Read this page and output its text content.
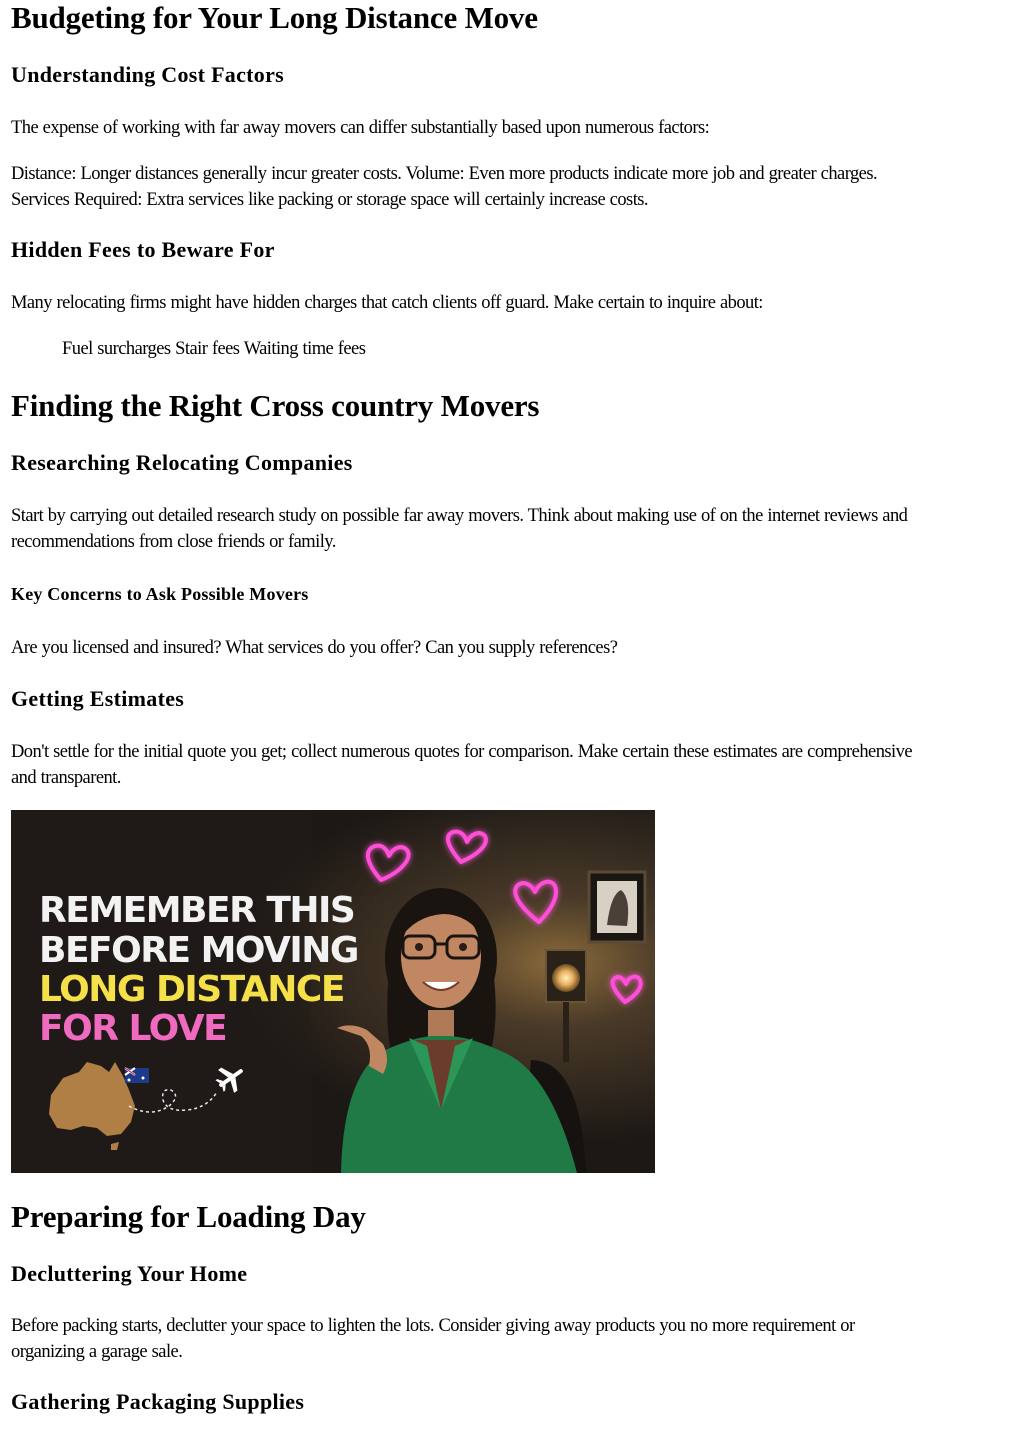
Budgeting for Your Long Distance Move
Understanding Cost Factors

The expense of working with far away movers can differ substantially based upon numerous factors:

Distance: Longer distances generally incur greater costs. Volume: Even more products indicate more job and greater charges.

Services Required: Extra services like packing or storage space will certainly increase costs.

Hidden Fees to Beware For

Many relocating firms might have hidden charges that catch clients off guard. Make certain to inquire about:

Fuel surcharges Stair fees Waiting time fees

Finding the Right Cross country Movers
Researching Relocating Companies

Start by carrying out detailed research study on possible far away movers. Think about making use of on the internet reviews and

recommendations from close friends or family.

Key Concerns to Ask Possible Movers

Are you licensed and insured? What services do you offer? Can you supply references?

Getting Estimates

Don't settle for the initial quote you get; collect numerous quotes for comparison. Make certain these estimates are comprehensive

and transparent.

REMEMBER THIS
BEFORE MOVING
LONG DISTANCE
FOR LOVE
Preparing for Loading Day
Decluttering Your Home

Before packing starts, declutter your space to lighten the lots. Consider giving away products you no more requirement or

organizing a garage sale.

Gathering Packaging Supplies
